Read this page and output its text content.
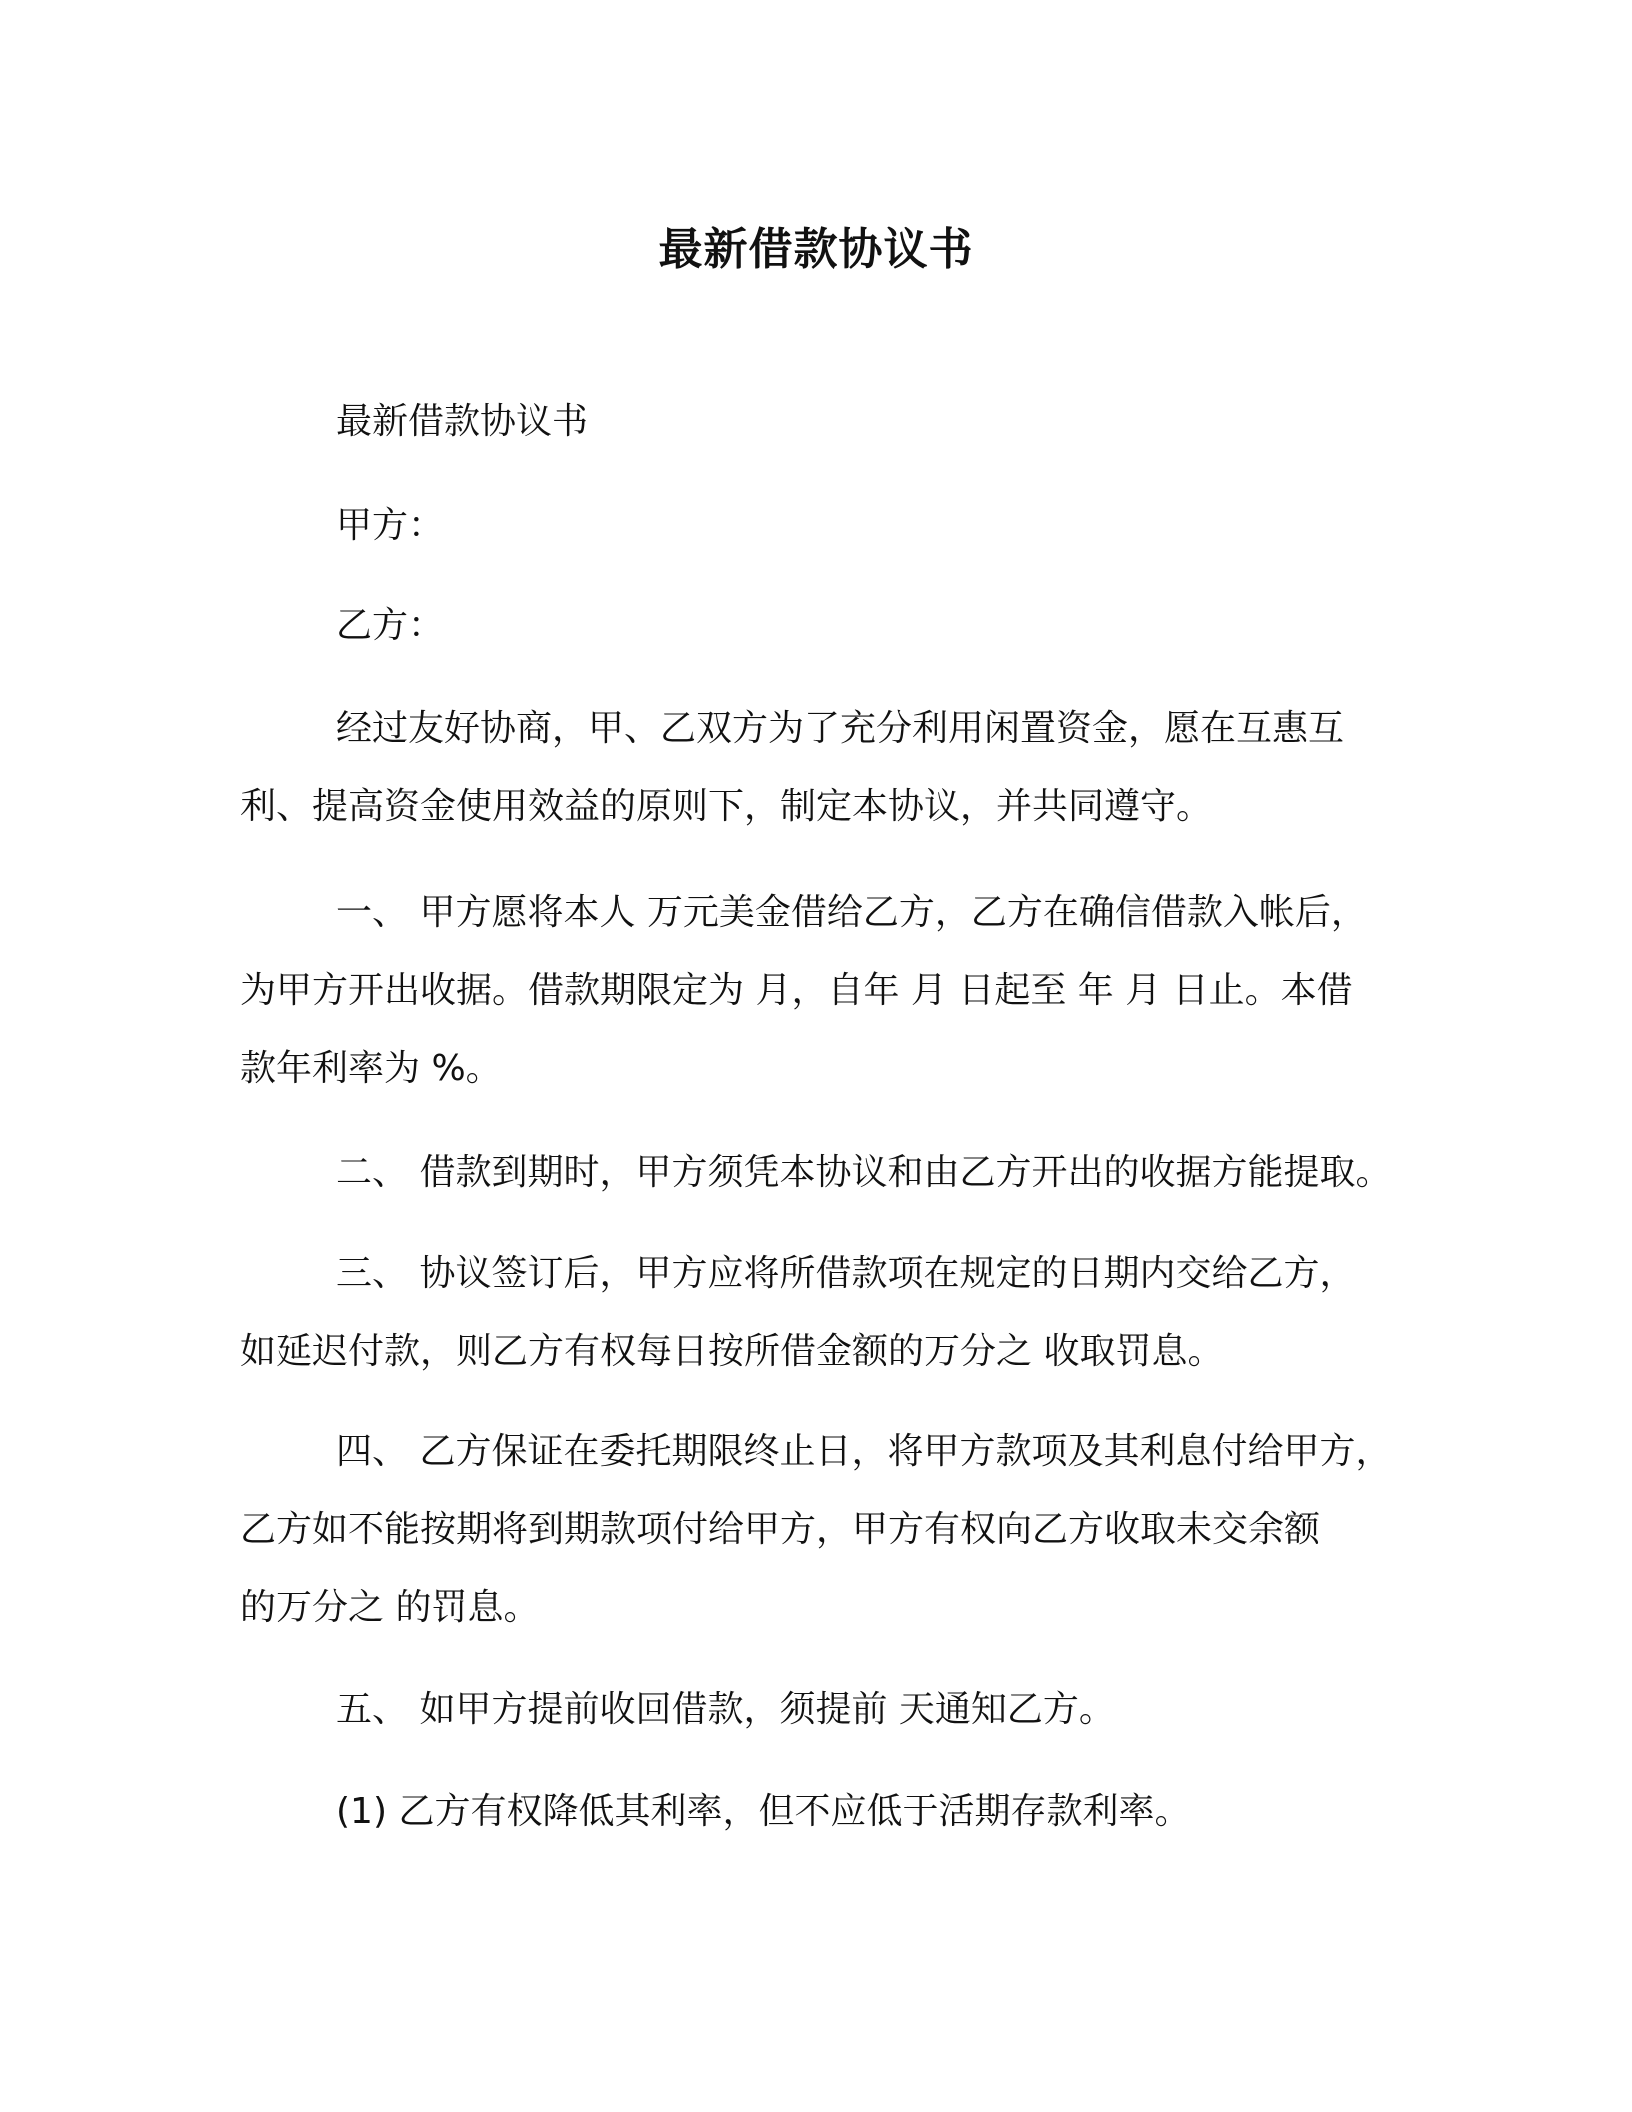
最新借款协议书

最新借款协议书

甲方：

乙方：

经过友好协商，甲、乙双方为了充分利用闲置资金，愿在互惠互
利、提高资金使用效益的原则下，制定本协议，并共同遵守。

一、 甲方愿将本人 万元美金借给乙方，乙方在确信借款入帐后，
为甲方开出收据。借款期限定为 月，自年 月 日起至 年 月 日止。本借
款年利率为 %。

二、 借款到期时，甲方须凭本协议和由乙方开出的收据方能提取。

三、 协议签订后，甲方应将所借款项在规定的日期内交给乙方，
如延迟付款，则乙方有权每日按所借金额的万分之 收取罚息。

四、 乙方保证在委托期限终止日，将甲方款项及其利息付给甲方，
乙方如不能按期将到期款项付给甲方，甲方有权向乙方收取未交余额
的万分之 的罚息。

五、 如甲方提前收回借款，须提前 天通知乙方。

(1) 乙方有权降低其利率，但不应低于活期存款利率。
